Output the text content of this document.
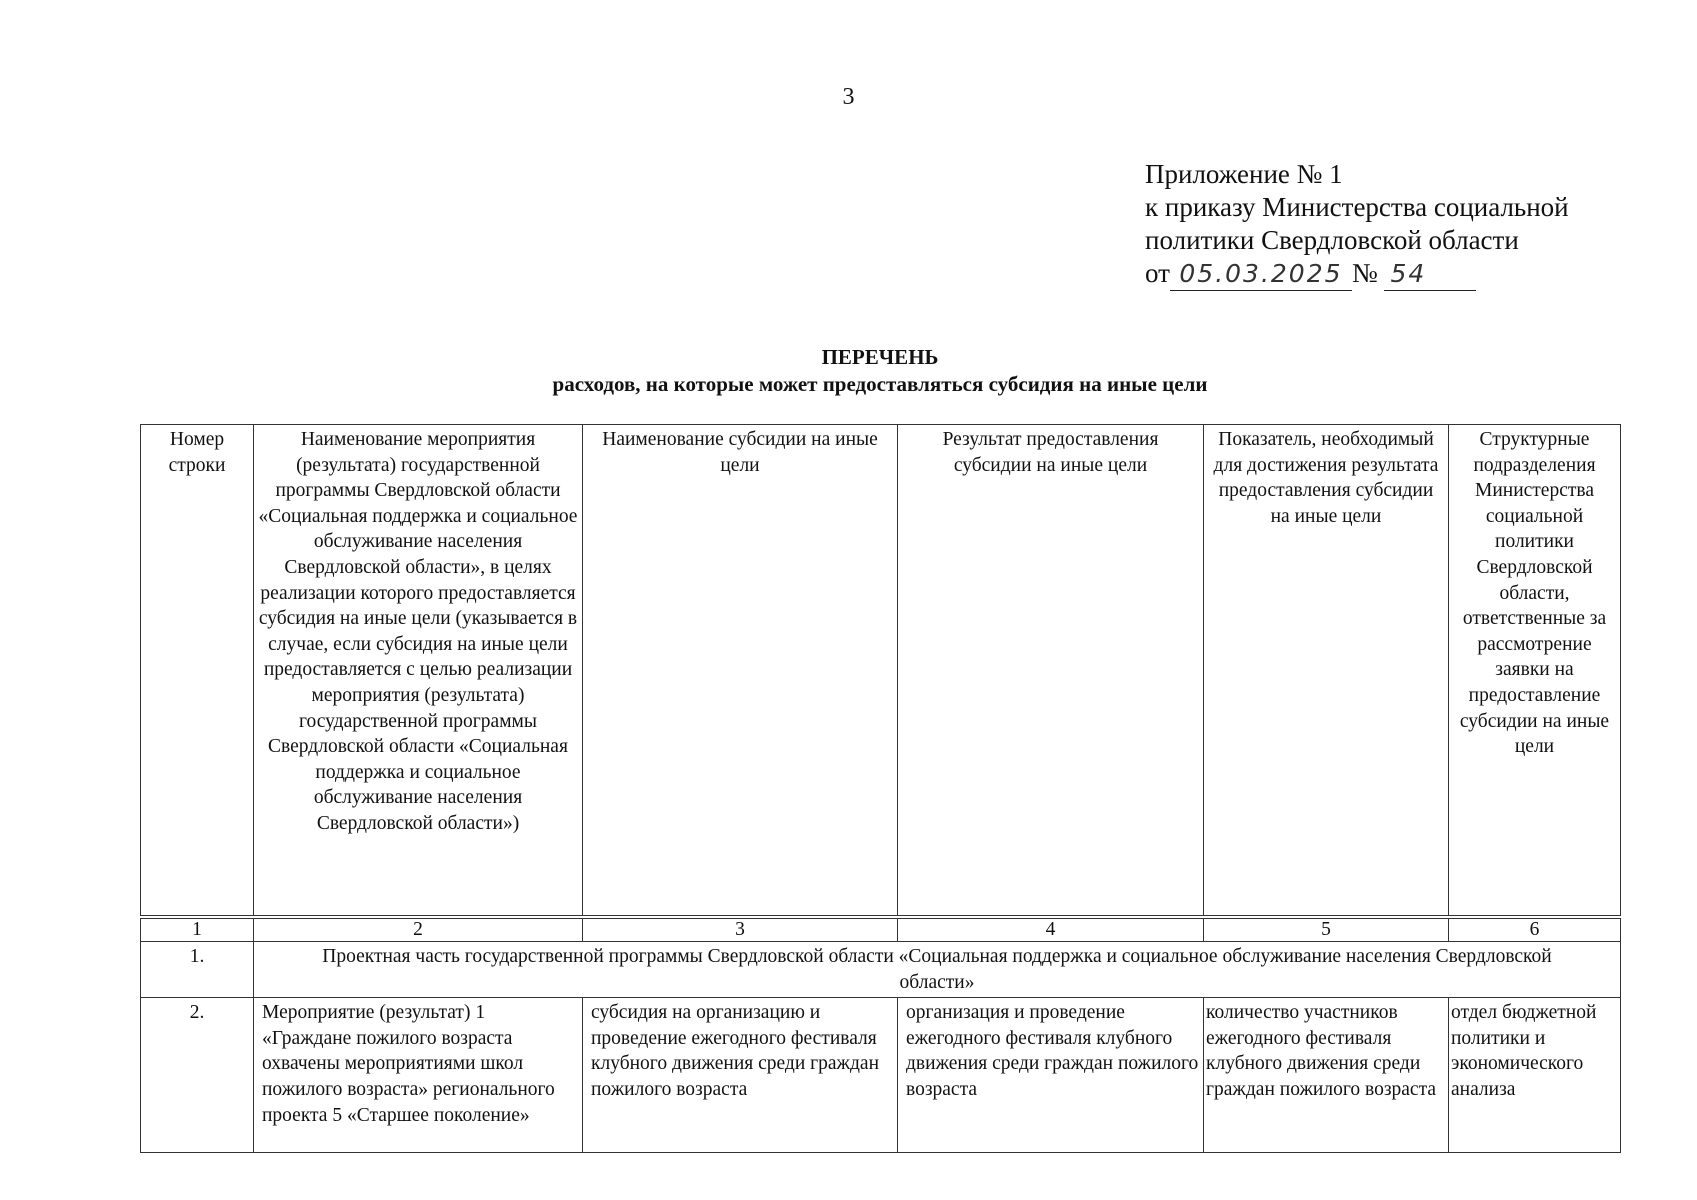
3
Приложение № 1
к приказу Министерства социальной
политики Свердловской области
от 05.03.2025 № 54
ПЕРЕЧЕНЬ
расходов, на которые может предоставляться субсидия на иные цели
Номер строки	Наименование мероприятия (результата) государственной программы Свердловской области «Социальная поддержка и социальное обслуживание населения Свердловской области», в целях реализации которого предоставляется субсидия на иные цели (указывается в случае, если субсидия на иные цели предоставляется с целью реализации мероприятия (результата) государственной программы Свердловской области «Социальная поддержка и социальное обслуживание населения Свердловской области»)	Наименование субсидии на иные цели	Результат предоставления субсидии на иные цели	Показатель, необходимый для достижения результата предоставления субсидии на иные цели	Структурные подразделения Министерства социальной политики Свердловской области, ответственные за рассмотрение заявки на предоставление субсидии на иные цели
1	2	3	4	5	6
1.	Проектная часть государственной программы Свердловской области «Социальная поддержка и социальное обслуживание населения Свердловской области»				
2.	Мероприятие (результат) 1 «Граждане пожилого возраста охвачены мероприятиями школ пожилого возраста» регионального проекта 5 «Старшее поколение»	субсидия на организацию и проведение ежегодного фестиваля клубного движения среди граждан пожилого возраста	организация и проведение ежегодного фестиваля клубного движения среди граждан пожилого возраста	количество участников ежегодного фестиваля клубного движения среди граждан пожилого возраста	отдел бюджетной политики и экономического анализа
